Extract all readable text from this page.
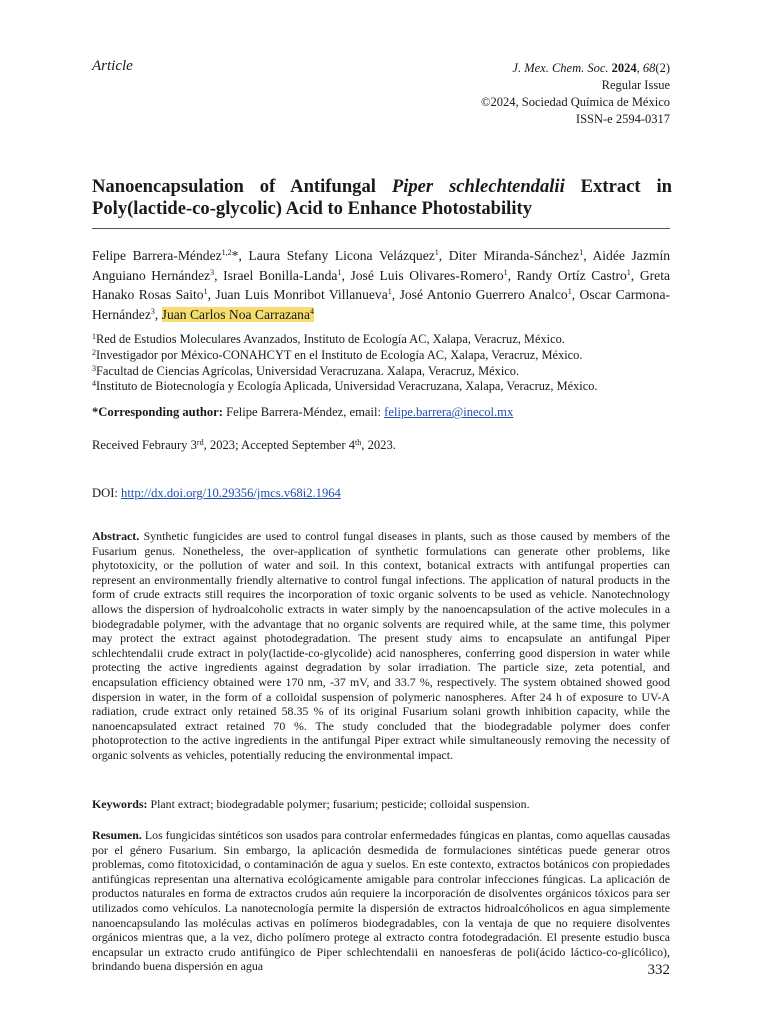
Article	J. Mex. Chem. Soc. 2024, 68(2)
Regular Issue
©2024, Sociedad Química de México
ISSN-e 2594-0317
Nanoencapsulation of Antifungal Piper schlechtendalii Extract in Poly(lactide-co-glycolic) Acid to Enhance Photostability
Felipe Barrera-Méndez$^{1,2}$*, Laura Stefany Licona Velázquez$^1$, Diter Miranda-Sánchez$^1$, Aidée Jazmín Anguiano Hernández$^3$, Israel Bonilla-Landa$^1$, José Luis Olivares-Romero$^1$, Randy Ortíz Castro$^1$, Greta Hanako Rosas Saito$^1$, Juan Luis Monribot Villanueva$^1$, José Antonio Guerrero Analco$^1$, Oscar Carmona-Hernández$^3$, Juan Carlos Noa Carrazana$^4$
$^1$Red de Estudios Moleculares Avanzados, Instituto de Ecología AC, Xalapa, Veracruz, México.
$^2$Investigador por México-CONAHCYT en el Instituto de Ecología AC, Xalapa, Veracruz, México.
$^3$Facultad de Ciencias Agrícolas, Universidad Veracruzana. Xalapa, Veracruz, México.
$^4$Instituto de Biotecnología y Ecología Aplicada, Universidad Veracruzana, Xalapa, Veracruz, México.
*Corresponding author: Felipe Barrera-Méndez, email: felipe.barrera@inecol.mx
Received Febraury 3rd, 2023; Accepted September 4th, 2023.
DOI: http://dx.doi.org/10.29356/jmcs.v68i2.1964
Abstract. Synthetic fungicides are used to control fungal diseases in plants, such as those caused by members of the Fusarium genus. Nonetheless, the over-application of synthetic formulations can generate other problems, like phytotoxicity, or the pollution of water and soil. In this context, botanical extracts with antifungal properties can represent an environmentally friendly alternative to control fungal infections. The application of natural products in the form of crude extracts still requires the incorporation of toxic organic solvents to be used as vehicle. Nanotechnology allows the dispersion of hydroalcoholic extracts in water simply by the nanoencapsulation of the active molecules in a biodegradable polymer, with the advantage that no organic solvents are required while, at the same time, this polymer may protect the extract against photodegradation. The present study aims to encapsulate an antifungal Piper schlechtendalii crude extract in poly(lactide-co-glycolide) acid nanospheres, conferring good dispersion in water while protecting the active ingredients against degradation by solar irradiation. The particle size, zeta potential, and encapsulation efficiency obtained were 170 nm, -37 mV, and 33.7 %, respectively. The system obtained showed good dispersion in water, in the form of a colloidal suspension of polymeric nanospheres. After 24 h of exposure to UV-A radiation, crude extract only retained 58.35 % of its original Fusarium solani growth inhibition capacity, while the nanoencapsulated extract retained 70 %. The study concluded that the biodegradable polymer does confer photoprotection to the active ingredients in the antifungal Piper extract while simultaneously removing the necessity of organic solvents as vehicles, potentially reducing the environmental impact.
Keywords: Plant extract; biodegradable polymer; fusarium; pesticide; colloidal suspension.
Resumen. Los fungicidas sintéticos son usados para controlar enfermedades fúngicas en plantas, como aquellas causadas por el género Fusarium. Sin embargo, la aplicación desmedida de formulaciones sintéticas puede generar otros problemas, como fitotoxicidad, o contaminación de agua y suelos. En este contexto, extractos botánicos con propiedades antifúngicas representan una alternativa ecológicamente amigable para controlar infecciones fúngicas. La aplicación de productos naturales en forma de extractos crudos aún requiere la incorporación de disolventes orgánicos tóxicos para ser utilizados como vehículos. La nanotecnología permite la dispersión de extractos hidroalcóholicos en agua simplemente nanoencapsulando las moléculas activas en polímeros biodegradables, con la ventaja de que no requiere disolventes orgánicos mientras que, a la vez, dicho polímero protege al extracto contra fotodegradación. El presente estudio busca encapsular un extracto crudo antifúngico de Piper schlechtendalii en nanoesferas de poli(ácido láctico-co-glicólico), brindando buena dispersión en agua	332
